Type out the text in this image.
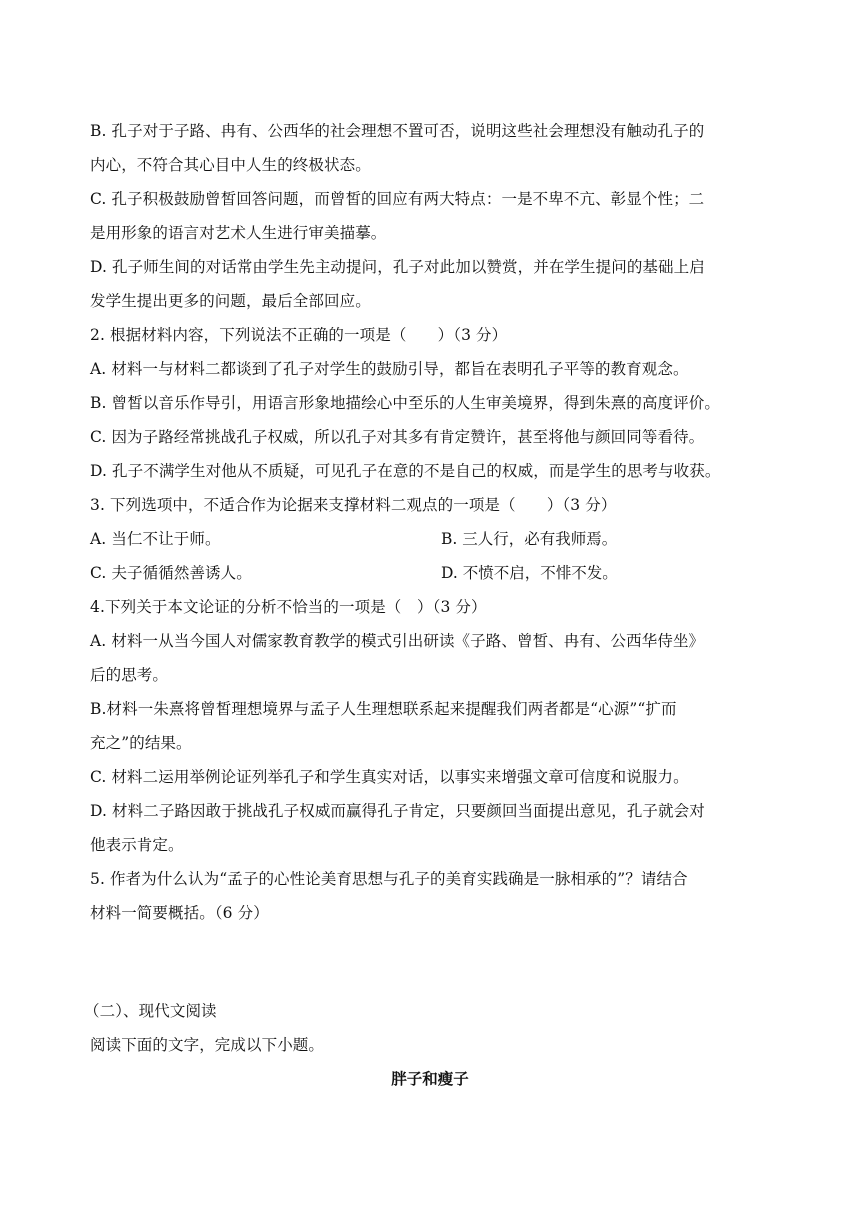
B. 孔子对于子路、冉有、公西华的社会理想不置可否，说明这些社会理想没有触动孔子的
内心，不符合其心目中人生的终极状态。
C. 孔子积极鼓励曾皙回答问题，而曾皙的回应有两大特点：一是不卑不亢、彰显个性；二
是用形象的语言对艺术人生进行审美描摹。
D. 孔子师生间的对话常由学生先主动提问，孔子对此加以赞赏，并在学生提问的基础上启
发学生提出更多的问题，最后全部回应。
2. 根据材料内容，下列说法不正确的一项是（　　）（3 分）
A. 材料一与材料二都谈到了孔子对学生的鼓励引导，都旨在表明孔子平等的教育观念。
B. 曾皙以音乐作导引，用语言形象地描绘心中至乐的人生审美境界，得到朱熹的高度评价。
C. 因为子路经常挑战孔子权威，所以孔子对其多有肯定赞许，甚至将他与颜回同等看待。
D. 孔子不满学生对他从不质疑，可见孔子在意的不是自己的权威，而是学生的思考与收获。
3. 下列选项中，不适合作为论据来支撑材料二观点的一项是（　　）（3 分）
A. 当仁不让于师。	B. 三人行，必有我师焉。
C. 夫子循循然善诱人。	D. 不愤不启，不悱不发。
4.下列关于本文论证的分析不恰当的一项是（　）（3 分）
A. 材料一从当今国人对儒家教育教学的模式引出研读《子路、曾皙、冉有、公西华侍坐》
后的思考。
B.材料一朱熹将曾皙理想境界与孟子人生理想联系起来提醒我们两者都是“心源”“扩而
充之”的结果。
C. 材料二运用举例论证列举孔子和学生真实对话，以事实来增强文章可信度和说服力。
D. 材料二子路因敢于挑战孔子权威而赢得孔子肯定，只要颜回当面提出意见，孔子就会对
他表示肯定。
5. 作者为什么认为“孟子的心性论美育思想与孔子的美育实践确是一脉相承的”？请结合
材料一简要概括。（6 分）
（二）、现代文阅读
阅读下面的文字，完成以下小题。
胖子和瘦子
